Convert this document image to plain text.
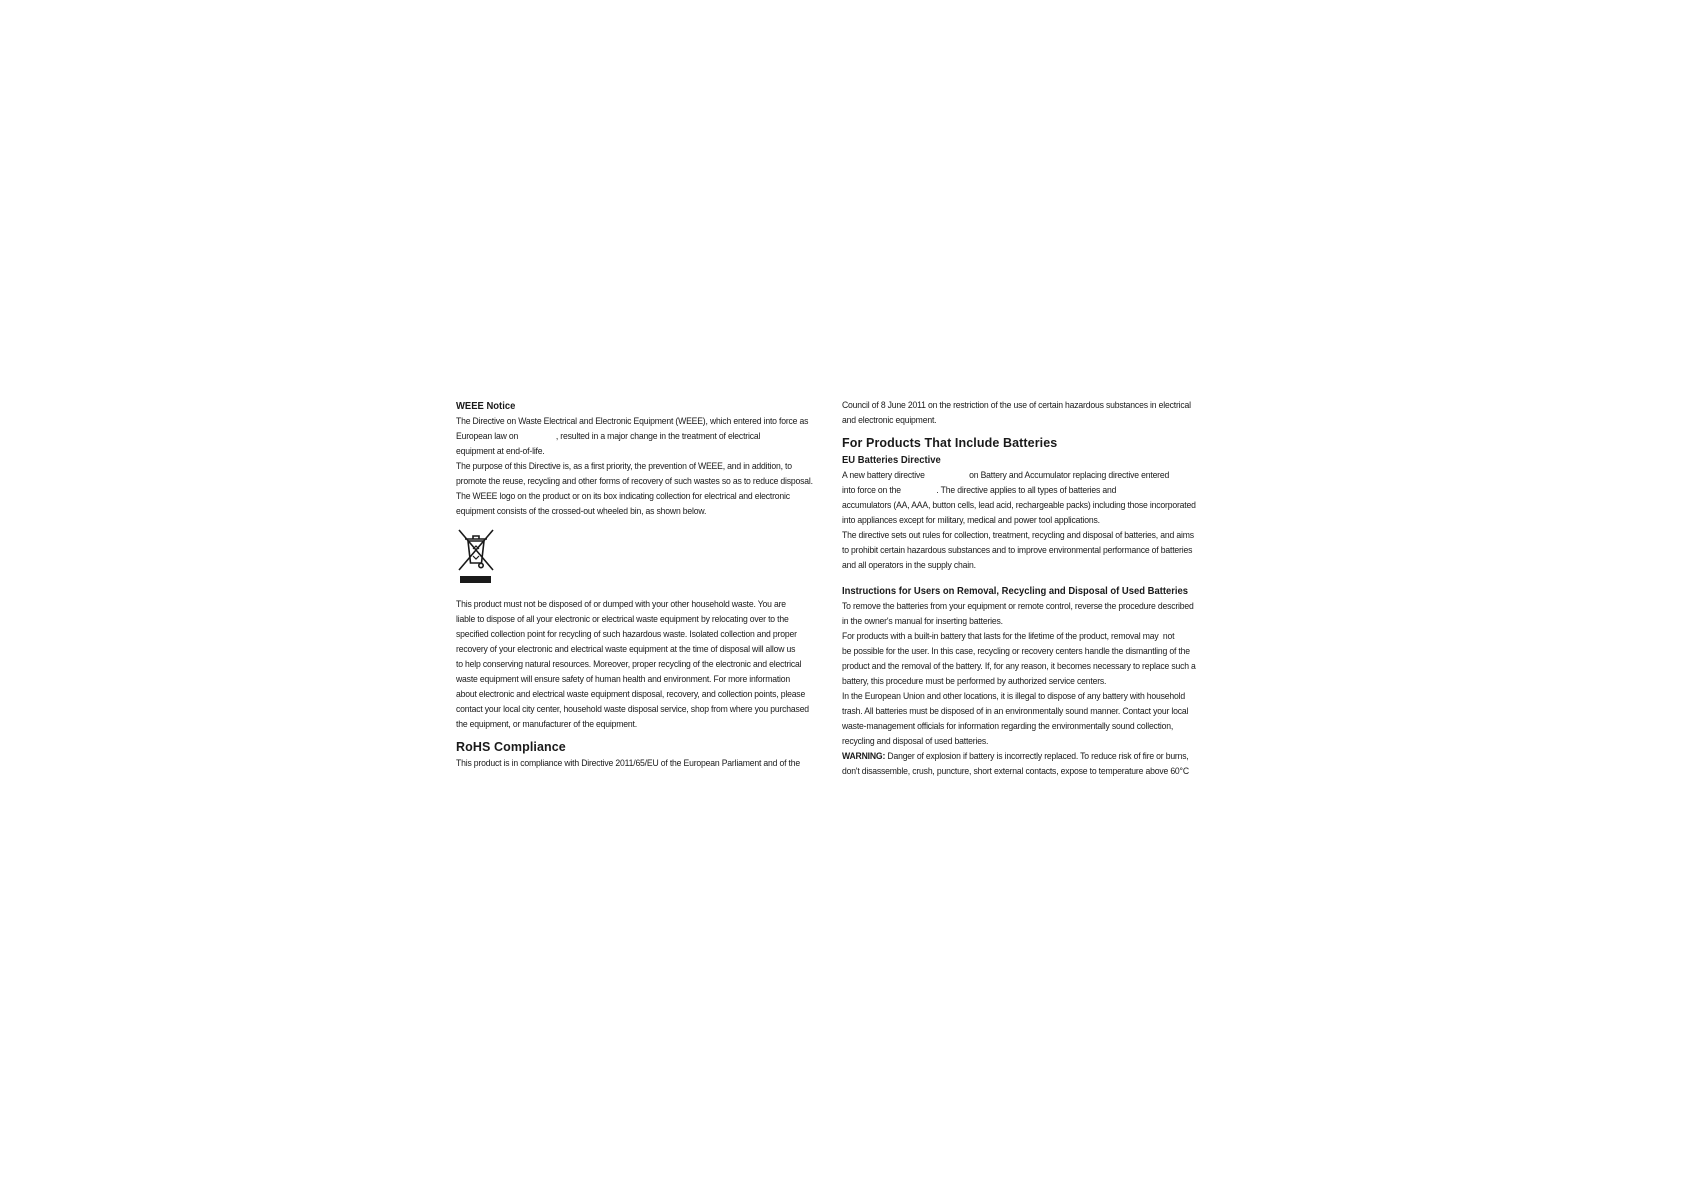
WEEE Notice
The Directive on Waste Electrical and Electronic Equipment (WEEE), which entered into force as
European law on                 , resulted in a major change in the treatment of electrical
equipment at end-of-life.
The purpose of this Directive is, as a first priority, the prevention of WEEE, and in addition, to
promote the reuse, recycling and other forms of recovery of such wastes so as to reduce disposal.
The WEEE logo on the product or on its box indicating collection for electrical and electronic
equipment consists of the crossed-out wheeled bin, as shown below.
This product must not be disposed of or dumped with your other household waste. You are
liable to dispose of all your electronic or electrical waste equipment by relocating over to the
specified collection point for recycling of such hazardous waste. Isolated collection and proper
recovery of your electronic and electrical waste equipment at the time of disposal will allow us
to help conserving natural resources. Moreover, proper recycling of the electronic and electrical
waste equipment will ensure safety of human health and environment. For more information
about electronic and electrical waste equipment disposal, recovery, and collection points, please
contact your local city center, household waste disposal service, shop from where you purchased
the equipment, or manufacturer of the equipment.
RoHS Compliance
This product is in compliance with Directive 2011/65/EU of the European Parliament and of the
Council of 8 June 2011 on the restriction of the use of certain hazardous substances in electrical
and electronic equipment.
For Products That Include Batteries
EU Batteries Directive
A new battery directive                    on Battery and Accumulator replacing directive entered
into force on the                . The directive applies to all types of batteries and
accumulators (AA, AAA, button cells, lead acid, rechargeable packs) including those incorporated
into appliances except for military, medical and power tool applications.
The directive sets out rules for collection, treatment, recycling and disposal of batteries, and aims
to prohibit certain hazardous substances and to improve environmental performance of batteries
and all operators in the supply chain.
Instructions for Users on Removal, Recycling and Disposal of Used Batteries
To remove the batteries from your equipment or remote control, reverse the procedure described
in the owner's manual for inserting batteries.
For products with a built-in battery that lasts for the lifetime of the product, removal may  not
be possible for the user. In this case, recycling or recovery centers handle the dismantling of the
product and the removal of the battery. If, for any reason, it becomes necessary to replace such a
battery, this procedure must be performed by authorized service centers.
In the European Union and other locations, it is illegal to dispose of any battery with household
trash. All batteries must be disposed of in an environmentally sound manner. Contact your local
waste-management officials for information regarding the environmentally sound collection,
recycling and disposal of used batteries.
WARNING: Danger of explosion if battery is incorrectly replaced. To reduce risk of fire or burns,
don't disassemble, crush, puncture, short external contacts, expose to temperature above 60°C
